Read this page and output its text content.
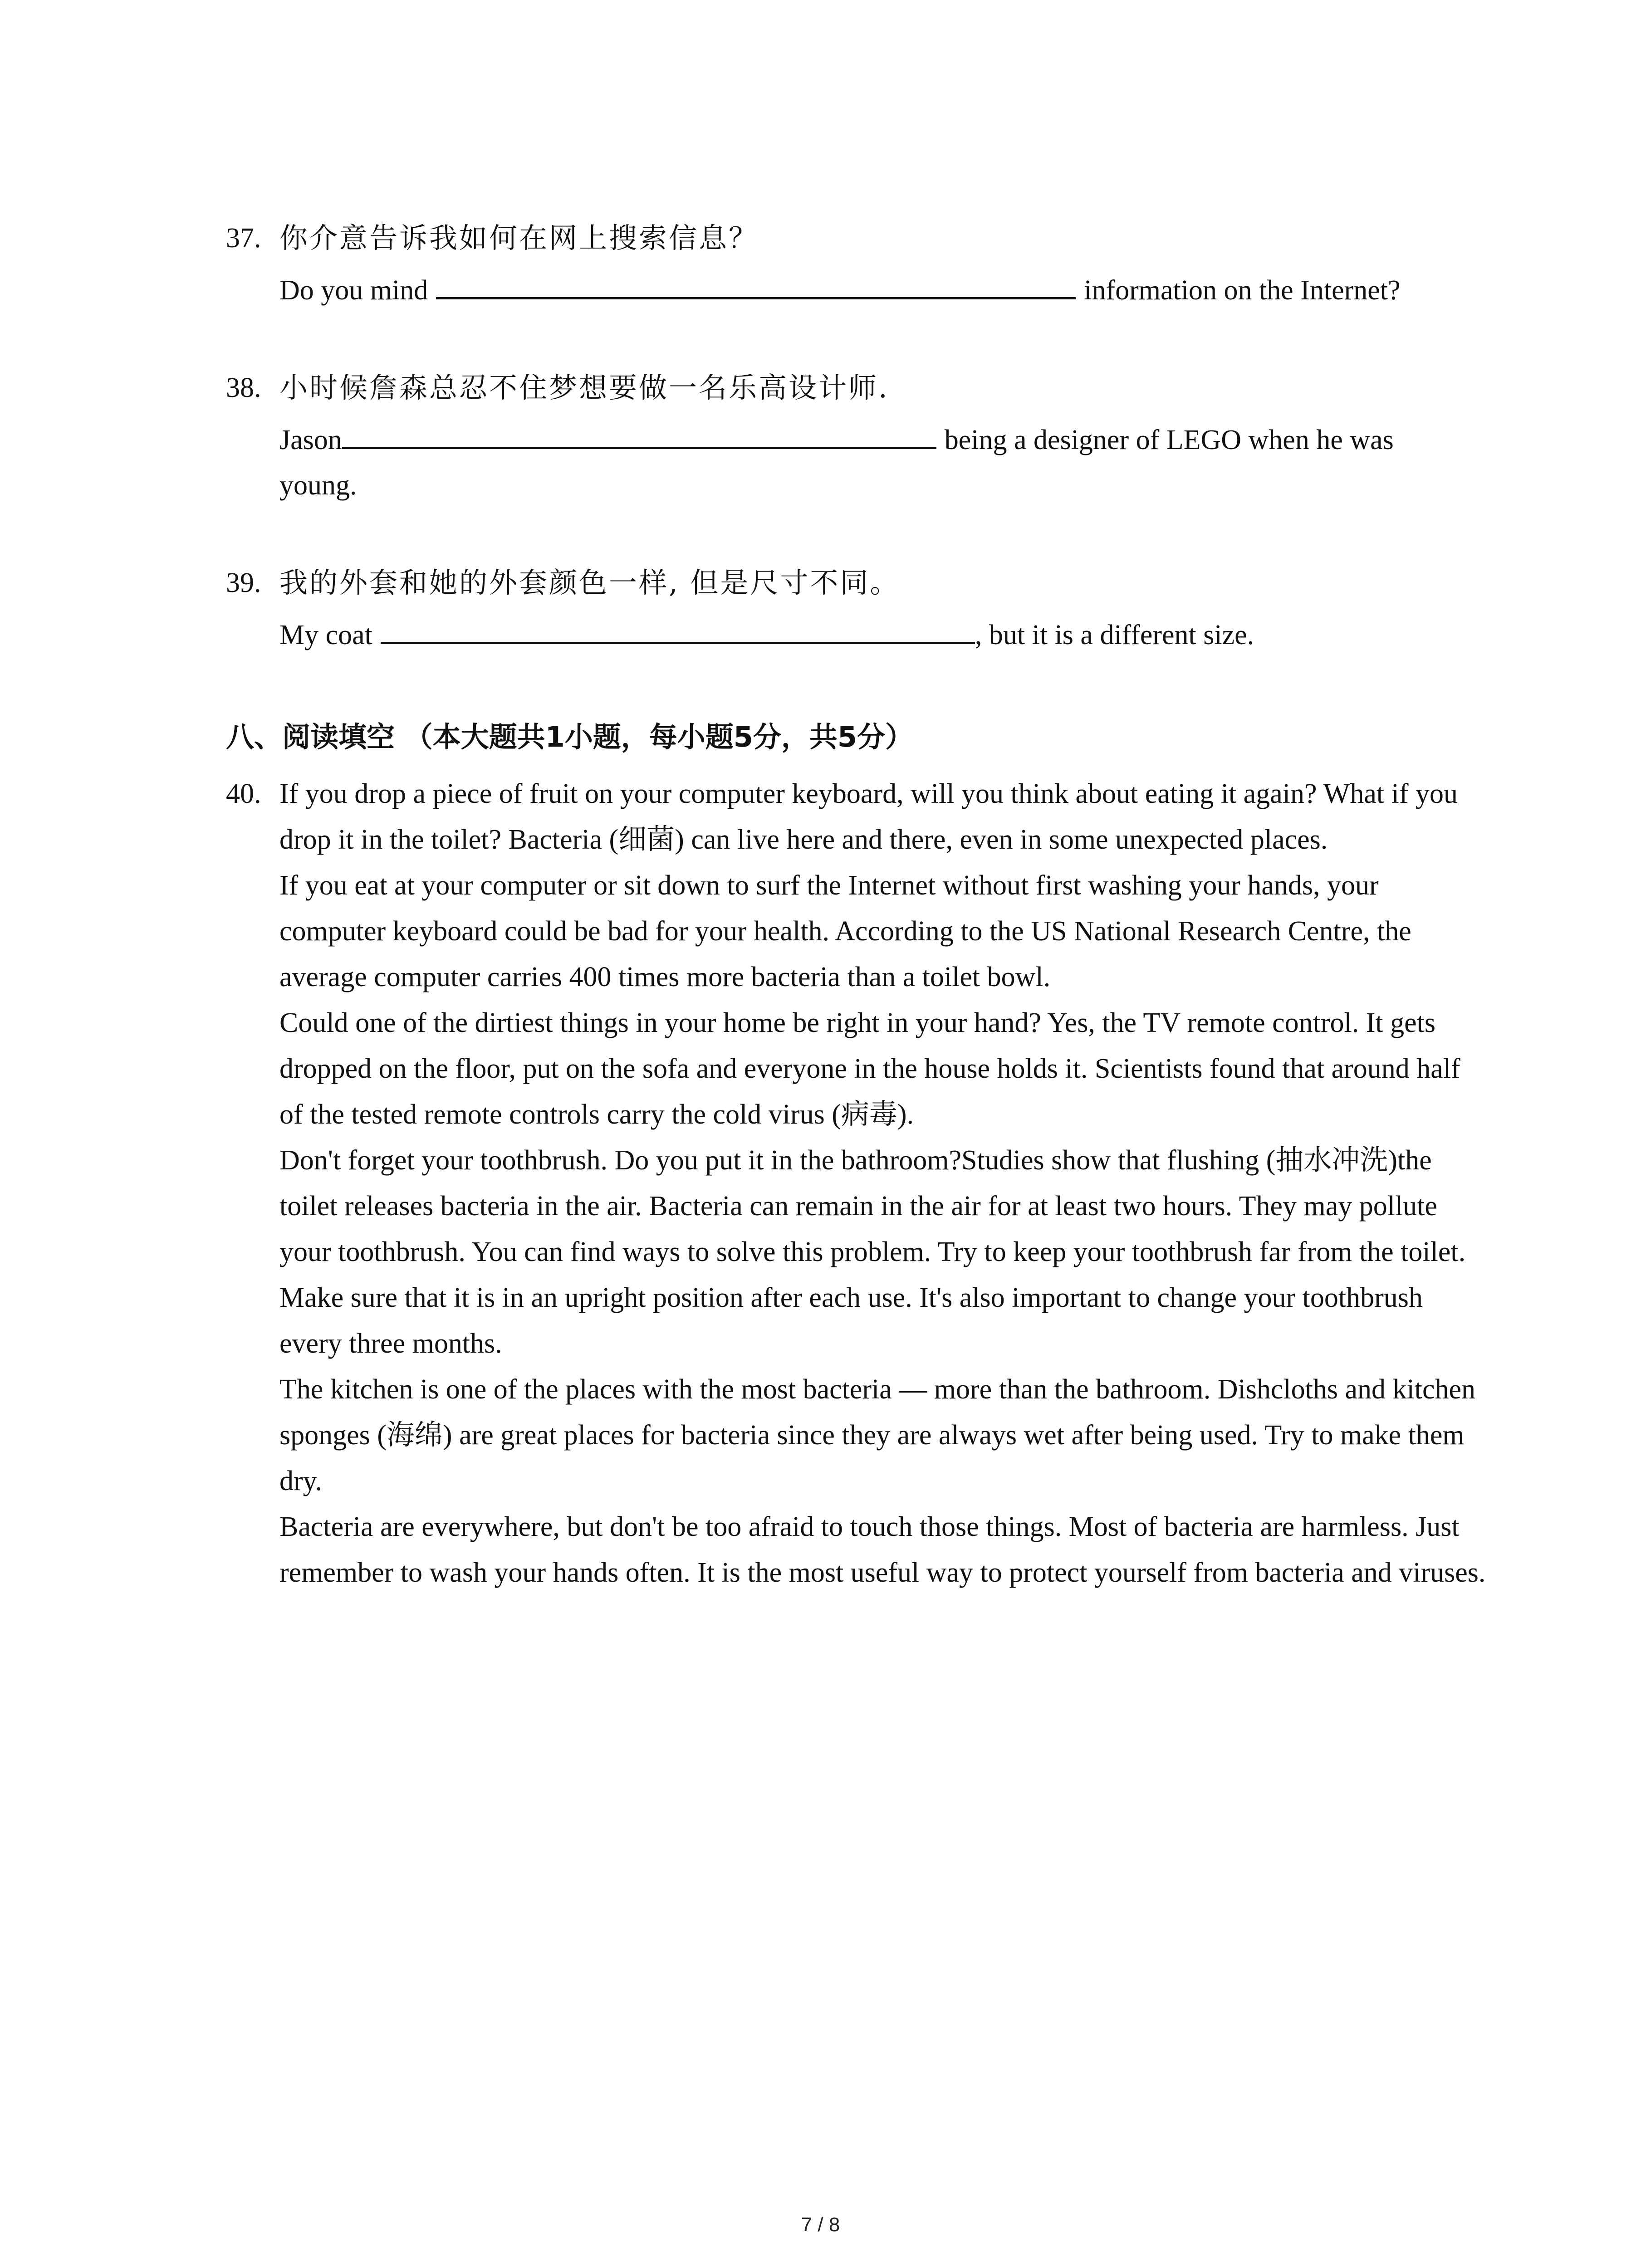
37. 你介意告诉我如何在网上搜索信息？
Do you mind	information on the Internet?
38. 小时候詹森总忍不住梦想要做一名乐高设计师.
Jason	being a designer of LEGO when he was
young.
39. 我的外套和她的外套颜色一样, 但是尺寸不同。
My coat	, but it is a different size.
八、阅读填空 （本大题共1小题，每小题5分，共5分）
40. If you drop a piece of fruit on your computer keyboard, will you think about eating it again? What if you drop it in the toilet? Bacteria (细菌) can live here and there, even in some unexpected places.

If you eat at your computer or sit down to surf the Internet without first washing your hands, your computer keyboard could be bad for your health. According to the US National Research Centre, the average computer carries 400 times more bacteria than a toilet bowl.

Could one of the dirtiest things in your home be right in your hand? Yes, the TV remote control. It gets dropped on the floor, put on the sofa and everyone in the house holds it. Scientists found that around half of the tested remote controls carry the cold virus (病毒).

Don't forget your toothbrush. Do you put it in the bathroom?Studies show that flushing (抽水冲洗)the toilet releases bacteria in the air. Bacteria can remain in the air for at least two hours. They may pollute your toothbrush. You can find ways to solve this problem. Try to keep your toothbrush far from the toilet. Make sure that it is in an upright position after each use. It's also important to change your toothbrush every three months.

The kitchen is one of the places with the most bacteria — more than the bathroom. Dishcloths and kitchen sponges (海绵) are great places for bacteria since they are always wet after being used. Try to make them dry.

Bacteria are everywhere, but don't be too afraid to touch those things. Most of bacteria are harmless. Just remember to wash your hands often. It is the most useful way to protect yourself from bacteria and viruses.

7 / 8
